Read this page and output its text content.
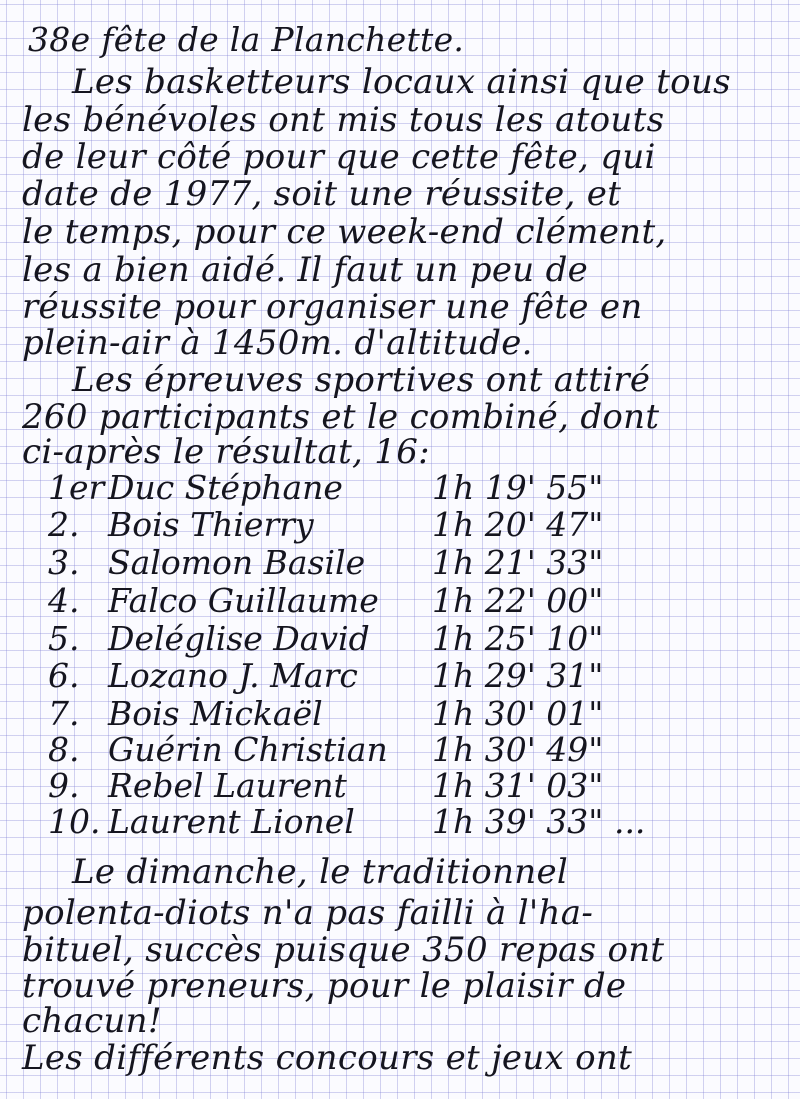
38e fête de la Planchette.
Les basketteurs locaux ainsi que tous
les bénévoles ont mis tous les atouts
de leur côté pour que cette fête, qui
date de 1977, soit une réussite, et
le temps, pour ce week-end clément,
les a bien aidé. Il faut un peu de
réussite pour organiser une fête en
plein-air à 1450m. d'altitude.
Les épreuves sportives ont attiré
260 participants et le combiné, dont
ci-après le résultat, 16:
1er Duc Stéphane	1h 19' 55"
2. Bois Thierry	1h 20' 47"
3. Salomon Basile 1h 21' 33"
4. Falco Guillaume 1h 22' 00"
5. Deléglise David 1h 25' 10"
6. Lozano J. Marc 1h 29' 31"
7. Bois Mickaël	1h 30' 01"
8. Guérin Christian 1h 30' 49"
9. Rebel Laurent	1h 31' 03"
10. Laurent Lionel 1h 39' 33" ...
Le dimanche, le traditionnel
polenta-diots n'a pas failli à l'ha-
bituel, succès puisque 350 repas ont
trouvé preneurs, pour le plaisir de
chacun!
Les différents concours et jeux ont
